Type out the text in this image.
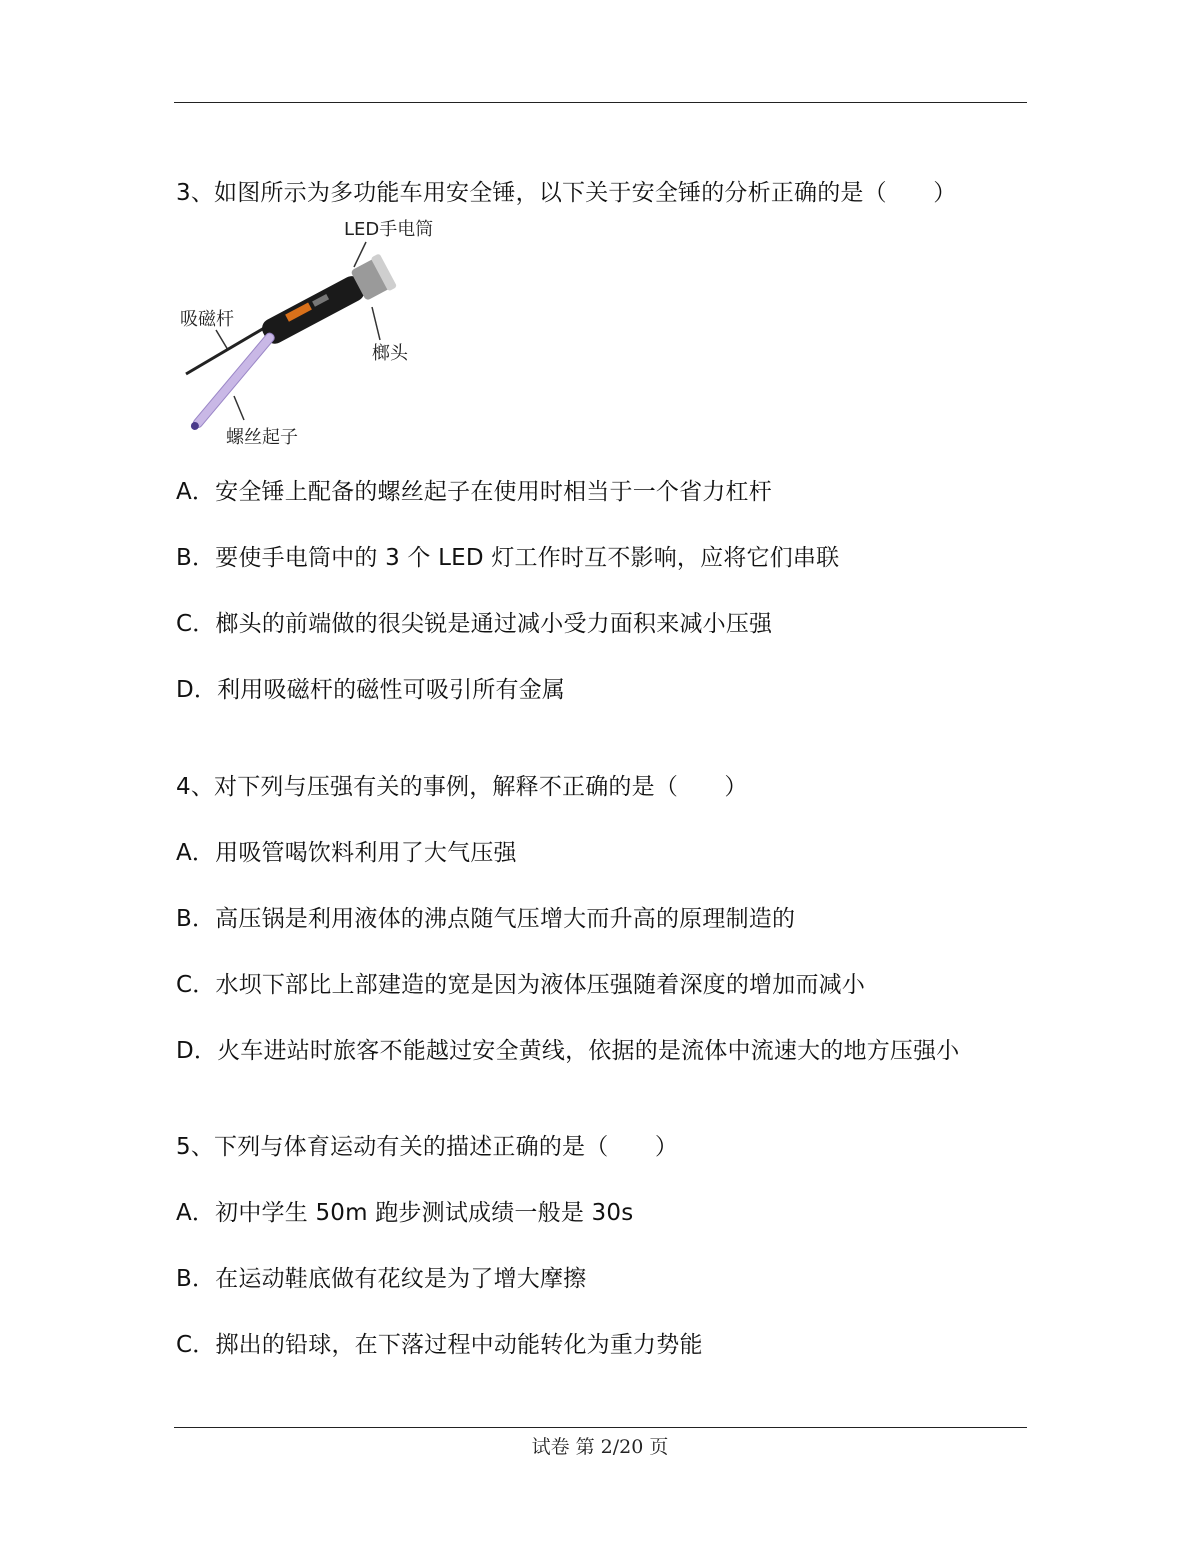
3、如图所示为多功能车用安全锤，以下关于安全锤的分析正确的是（　　）
LED手电筒
吸磁杆
榔头
螺丝起子
A．安全锤上配备的螺丝起子在使用时相当于一个省力杠杆
B．要使手电筒中的 3 个 LED 灯工作时互不影响，应将它们串联
C．榔头的前端做的很尖锐是通过减小受力面积来减小压强
D．利用吸磁杆的磁性可吸引所有金属
4、对下列与压强有关的事例，解释不正确的是（　　）
A．用吸管喝饮料利用了大气压强
B．高压锅是利用液体的沸点随气压增大而升高的原理制造的
C．水坝下部比上部建造的宽是因为液体压强随着深度的增加而减小
D．火车进站时旅客不能越过安全黄线，依据的是流体中流速大的地方压强小
5、下列与体育运动有关的描述正确的是（　　）
A．初中学生 50m 跑步测试成绩一般是 30s
B．在运动鞋底做有花纹是为了增大摩擦
C．掷出的铅球，在下落过程中动能转化为重力势能
试卷 第 2/20 页
